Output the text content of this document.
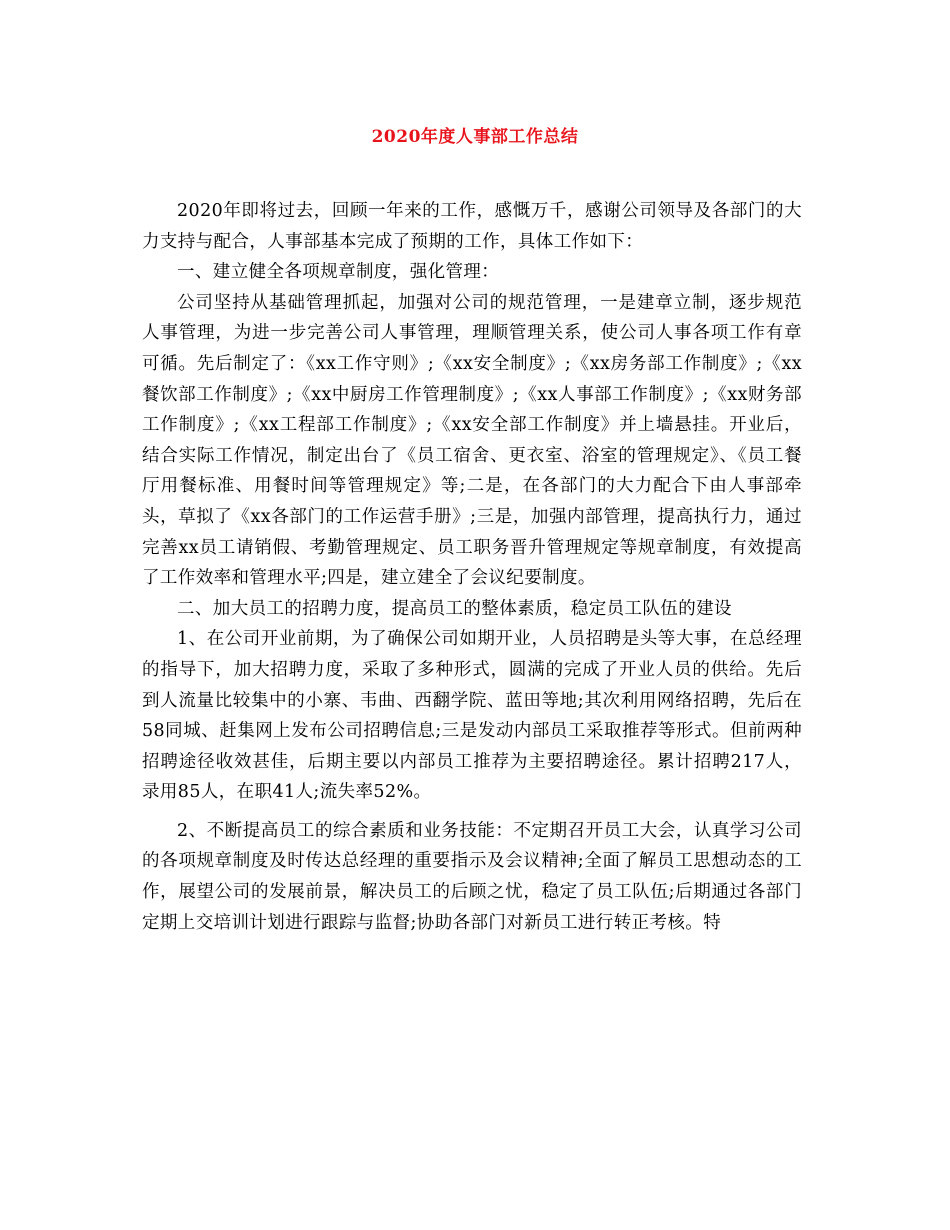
2020年度人事部工作总结

2020年即将过去，回顾一年来的工作，感慨万千，感谢公司领导及各部门的大力支持与配合，人事部基本完成了预期的工作，具体工作如下：

一、建立健全各项规章制度，强化管理：

公司坚持从基础管理抓起，加强对公司的规范管理，一是建章立制，逐步规范人事管理，为进一步完善公司人事管理，理顺管理关系，使公司人事各项工作有章可循。先后制定了：《xx工作守则》;《xx安全制度》;《xx房务部工作制度》;《xx餐饮部工作制度》;《xx中厨房工作管理制度》;《xx人事部工作制度》;《xx财务部工作制度》;《xx工程部工作制度》;《xx安全部工作制度》并上墙悬挂。开业后，结合实际工作情况，制定出台了《员工宿舍、更衣室、浴室的管理规定》、《员工餐厅用餐标准、用餐时间等管理规定》等;二是，在各部门的大力配合下由人事部牵头，草拟了《xx各部门的工作运营手册》;三是，加强内部管理，提高执行力，通过完善xx员工请销假、考勤管理规定、员工职务晋升管理规定等规章制度，有效提高了工作效率和管理水平;四是，建立建全了会议纪要制度。

二、加大员工的招聘力度，提高员工的整体素质，稳定员工队伍的建设

1、在公司开业前期，为了确保公司如期开业，人员招聘是头等大事，在总经理的指导下，加大招聘力度，采取了多种形式，圆满的完成了开业人员的供给。先后到人流量比较集中的小寨、韦曲、西翻学院、蓝田等地;其次利用网络招聘，先后在58同城、赶集网上发布公司招聘信息;三是发动内部员工采取推荐等形式。但前两种招聘途径收效甚佳，后期主要以内部员工推荐为主要招聘途径。累计招聘217人，录用85人，在职41人;流失率52%。

2、不断提高员工的综合素质和业务技能：不定期召开员工大会，认真学习公司的各项规章制度及时传达总经理的重要指示及会议精神;全面了解员工思想动态的工作，展望公司的发展前景，解决员工的后顾之忧，稳定了员工队伍;后期通过各部门定期上交培训计划进行跟踪与监督;协助各部门对新员工进行转正考核。特
